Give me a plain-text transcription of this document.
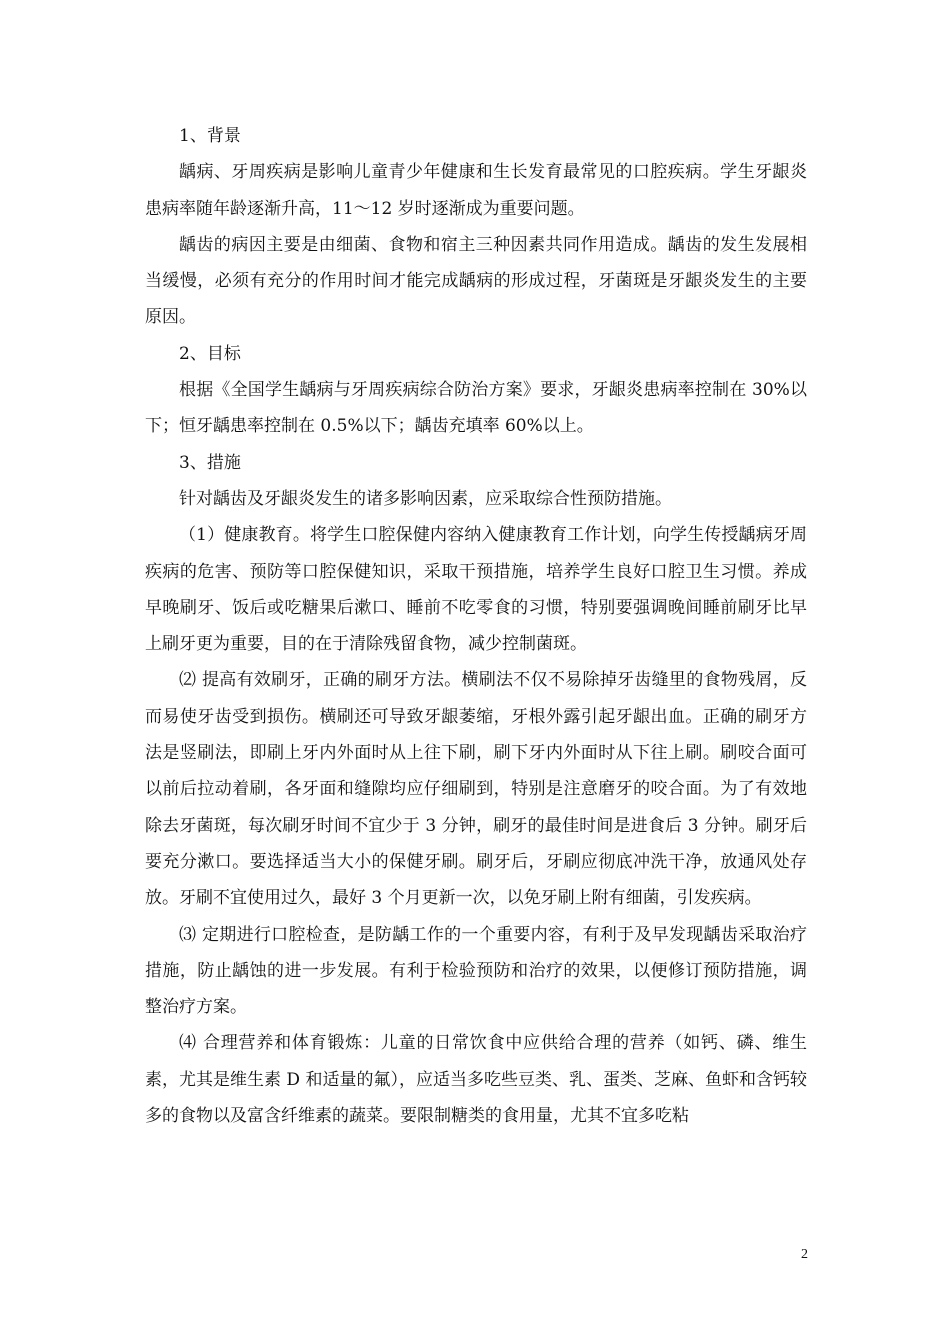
1、背景

龋病、牙周疾病是影响儿童青少年健康和生长发育最常见的口腔疾病。学生牙龈炎患病率随年龄逐渐升高，11～12 岁时逐渐成为重要问题。

龋齿的病因主要是由细菌、食物和宿主三种因素共同作用造成。龋齿的发生发展相当缓慢，必须有充分的作用时间才能完成龋病的形成过程，牙菌斑是牙龈炎发生的主要原因。

2、目标

根据《全国学生龋病与牙周疾病综合防治方案》要求，牙龈炎患病率控制在 30%以下；恒牙龋患率控制在 0.5%以下；龋齿充填率 60%以上。

3、措施

针对龋齿及牙龈炎发生的诸多影响因素，应采取综合性预防措施。

（1）健康教育。将学生口腔保健内容纳入健康教育工作计划，向学生传授龋病牙周疾病的危害、预防等口腔保健知识，采取干预措施，培养学生良好口腔卫生习惯。养成早晚刷牙、饭后或吃糖果后漱口、睡前不吃零食的习惯，特别要强调晚间睡前刷牙比早上刷牙更为重要，目的在于清除残留食物，减少控制菌斑。

⑵ 提高有效刷牙，正确的刷牙方法。横刷法不仅不易除掉牙齿缝里的食物残屑，反而易使牙齿受到损伤。横刷还可导致牙龈萎缩，牙根外露引起牙龈出血。正确的刷牙方法是竖刷法，即刷上牙内外面时从上往下刷，刷下牙内外面时从下往上刷。刷咬合面可以前后拉动着刷，各牙面和缝隙均应仔细刷到，特别是注意磨牙的咬合面。为了有效地除去牙菌斑，每次刷牙时间不宜少于 3 分钟，刷牙的最佳时间是进食后 3 分钟。刷牙后要充分漱口。要选择适当大小的保健牙刷。刷牙后，牙刷应彻底冲洗干净，放通风处存放。牙刷不宜使用过久，最好 3 个月更新一次，以免牙刷上附有细菌，引发疾病。

⑶ 定期进行口腔检查，是防龋工作的一个重要内容，有利于及早发现龋齿采取治疗措施，防止龋蚀的进一步发展。有利于检验预防和治疗的效果，以便修订预防措施，调整治疗方案。

⑷ 合理营养和体育锻炼：儿童的日常饮食中应供给合理的营养（如钙、磷、维生素，尤其是维生素 D 和适量的氟），应适当多吃些豆类、乳、蛋类、芝麻、鱼虾和含钙较多的食物以及富含纤维素的蔬菜。要限制糖类的食用量，尤其不宜多吃粘

2
